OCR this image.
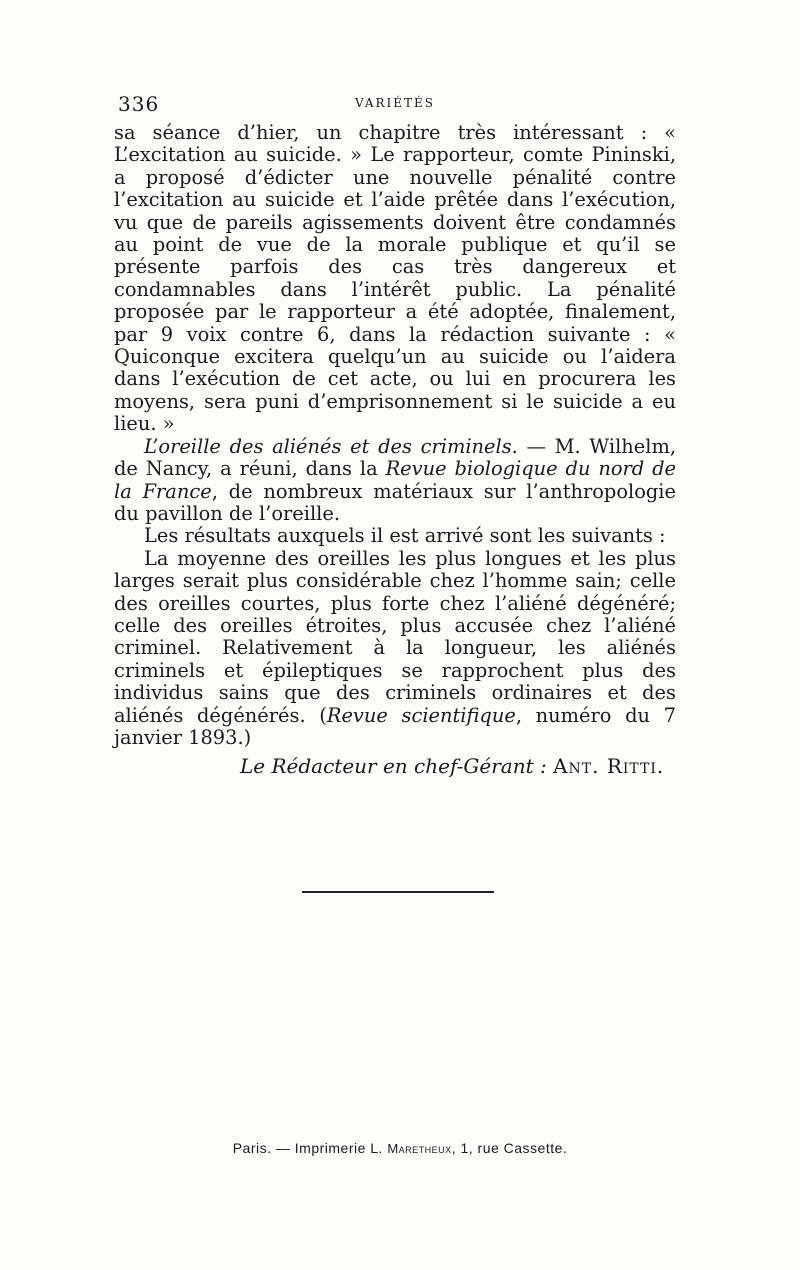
336	VARIÉTÉS

sa séance d’hier, un chapitre très intéressant : « L’excitation au suicide. » Le rapporteur, comte Pininski, a proposé d’édicter une nouvelle pénalité contre l’excitation au suicide et l’aide prêtée dans l’exécution, vu que de pareils agissements doivent être condamnés au point de vue de la morale publique et qu’il se présente parfois des cas très dangereux et condamnables dans l’intérêt public. La pénalité proposée par le rapporteur a été adoptée, finalement, par 9 voix contre 6, dans la rédaction suivante : « Quiconque excitera quelqu’un au suicide ou l’aidera dans l’exécution de cet acte, ou lui en procurera les moyens, sera puni d’emprisonnement si le suicide a eu lieu. »

L’oreille des aliénés et des criminels. — M. Wilhelm, de Nancy, a réuni, dans la Revue biologique du nord de la France, de nombreux matériaux sur l’anthropologie du pavillon de l’oreille.

Les résultats auxquels il est arrivé sont les suivants :

La moyenne des oreilles les plus longues et les plus larges serait plus considérable chez l’homme sain; celle des oreilles courtes, plus forte chez l’aliéné dégénéré; celle des oreilles étroites, plus accusée chez l’aliéné criminel. Relativement à la longueur, les aliénés criminels et épileptiques se rapprochent plus des individus sains que des criminels ordinaires et des aliénés dégénérés. (Revue scientifique, numéro du 7 janvier 1893.)

Le Rédacteur en chef-Gérant : Ant. Ritti.
Paris. — Imprimerie L. Maretheux, 1, rue Cassette.
